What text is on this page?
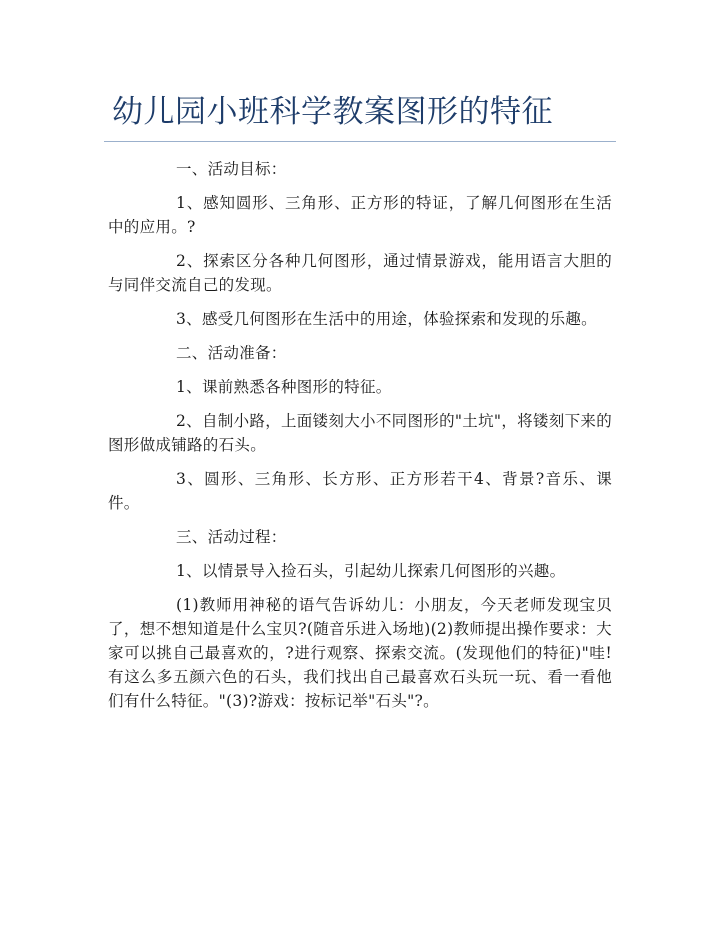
幼儿园小班科学教案图形的特征

一、活动目标：

1、感知圆形、三角形、正方形的特证，了解几何图形在生活中的应用。?

2、探索区分各种几何图形，通过情景游戏，能用语言大胆的与同伴交流自己的发现。

3、感受几何图形在生活中的用途，体验探索和发现的乐趣。

二、活动准备：

1、课前熟悉各种图形的特征。

2、自制小路，上面镂刻大小不同图形的"土坑"，将镂刻下来的图形做成铺路的石头。

3、圆形、三角形、长方形、正方形若干4、背景?音乐、课件。

三、活动过程：

1、以情景导入捡石头，引起幼儿探索几何图形的兴趣。

(1)教师用神秘的语气告诉幼儿：小朋友，今天老师发现宝贝了，想不想知道是什么宝贝?(随音乐进入场地)(2)教师提出操作要求：大家可以挑自己最喜欢的，?进行观察、探索交流。(发现他们的特征)"哇!有这么多五颜六色的石头，我们找出自己最喜欢石头玩一玩、看一看他们有什么特征。"(3)?游戏：按标记举"石头"?。
